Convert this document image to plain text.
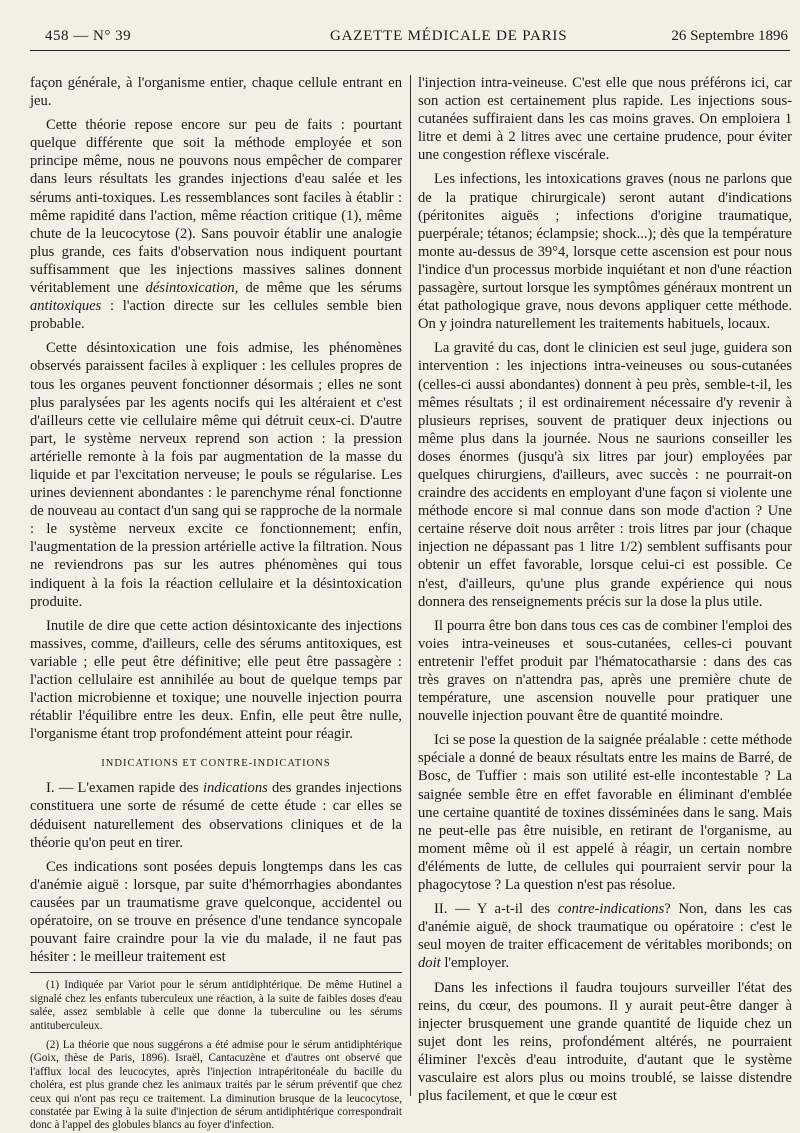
458 — N° 39	GAZETTE MÉDICALE DE PARIS	26 Septembre 1896

façon générale, à l'organisme entier, chaque cellule entrant en jeu.

Cette théorie repose encore sur peu de faits : pourtant quelque différente que soit la méthode employée et son principe même, nous ne pouvons nous empêcher de comparer dans leurs résultats les grandes injections d'eau salée et les sérums anti-toxiques. Les ressemblances sont faciles à établir : même rapidité dans l'action, même réaction critique (1), même chute de la leucocytose (2). Sans pouvoir établir une analogie plus grande, ces faits d'observation nous indiquent pourtant suffisamment que les injections massives salines donnent véritablement une désintoxication, de même que les sérums antitoxiques : l'action directe sur les cellules semble bien probable.

Cette désintoxication une fois admise, les phénomènes observés paraissent faciles à expliquer : les cellules propres de tous les organes peuvent fonctionner désormais ; elles ne sont plus paralysées par les agents nocifs qui les altéraient et c'est d'ailleurs cette vie cellulaire même qui détruit ceux-ci. D'autre part, le système nerveux reprend son action : la pression artérielle remonte à la fois par augmentation de la masse du liquide et par l'excitation nerveuse; le pouls se régularise. Les urines deviennent abondantes : le parenchyme rénal fonctionne de nouveau au contact d'un sang qui se rapproche de la normale : le système nerveux excite ce fonctionnement; enfin, l'augmentation de la pression artérielle active la filtration. Nous ne reviendrons pas sur les autres phénomènes qui tous indiquent à la fois la réaction cellulaire et la désintoxication produite.

Inutile de dire que cette action désintoxicante des injections massives, comme, d'ailleurs, celle des sérums antitoxiques, est variable ; elle peut être définitive; elle peut être passagère : l'action cellulaire est annihilée au bout de quelque temps par l'action microbienne et toxique; une nouvelle injection pourra rétablir l'équilibre entre les deux. Enfin, elle peut être nulle, l'organisme étant trop profondément atteint pour réagir.

INDICATIONS ET CONTRE-INDICATIONS

I. — L'examen rapide des indications des grandes injections constituera une sorte de résumé de cette étude : car elles se déduisent naturellement des observations cliniques et de la théorie qu'on peut en tirer.

Ces indications sont posées depuis longtemps dans les cas d'anémie aiguë : lorsque, par suite d'hémorrhagies abondantes causées par un traumatisme grave quelconque, accidentel ou opératoire, on se trouve en présence d'une tendance syncopale pouvant faire craindre pour la vie du malade, il ne faut pas hésiter : le meilleur traitement est

(1) Indiquée par Variot pour le sérum antidiphtérique. De même Hutinel a signalé chez les enfants tuberculeux une réaction, à la suite de faibles doses d'eau salée, assez semblable à celle que donne la tuberculine ou les sérums antituberculeux.

(2) La théorie que nous suggérons a été admise pour le sérum antidiphtérique (Goix, thèse de Paris, 1896). Israël, Cantacuzène et d'autres ont observé que l'afflux local des leucocytes, après l'injection intrapéritonéale du bacille du choléra, est plus grande chez les animaux traités par le sérum préventif que chez ceux qui n'ont pas reçu ce traitement. La diminution brusque de la leucocytose, constatée par Ewing à la suite d'injection de sérum antidiphtérique correspondrait donc à l'appel des globules blancs au foyer d'infection.

l'injection intra-veineuse. C'est elle que nous préférons ici, car son action est certainement plus rapide. Les injections sous-cutanées suffiraient dans les cas moins graves. On emploiera 1 litre et demi à 2 litres avec une certaine prudence, pour éviter une congestion réflexe viscérale.

Les infections, les intoxications graves (nous ne parlons que de la pratique chirurgicale) seront autant d'indications (péritonites aiguës ; infections d'origine traumatique, puerpérale; tétanos; éclampsie; shock...); dès que la température monte au-dessus de 39°4, lorsque cette ascension est pour nous l'indice d'un processus morbide inquiétant et non d'une réaction passagère, surtout lorsque les symptômes généraux montrent un état pathologique grave, nous devons appliquer cette méthode. On y joindra naturellement les traitements habituels, locaux.

La gravité du cas, dont le clinicien est seul juge, guidera son intervention : les injections intra-veineuses ou sous-cutanées (celles-ci aussi abondantes) donnent à peu près, semble-t-il, les mêmes résultats ; il est ordinairement nécessaire d'y revenir à plusieurs reprises, souvent de pratiquer deux injections ou même plus dans la journée. Nous ne saurions conseiller les doses énormes (jusqu'à six litres par jour) employées par quelques chirurgiens, d'ailleurs, avec succès : ne pourrait-on craindre des accidents en employant d'une façon si violente une méthode encore si mal connue dans son mode d'action ? Une certaine réserve doit nous arrêter : trois litres par jour (chaque injection ne dépassant pas 1 litre 1/2) semblent suffisants pour obtenir un effet favorable, lorsque celui-ci est possible. Ce n'est, d'ailleurs, qu'une plus grande expérience qui nous donnera des renseignements précis sur la dose la plus utile.

Il pourra être bon dans tous ces cas de combiner l'emploi des voies intra-veineuses et sous-cutanées, celles-ci pouvant entretenir l'effet produit par l'hématocatharsie : dans des cas très graves on n'attendra pas, après une première chute de température, une ascension nouvelle pour pratiquer une nouvelle injection pouvant être de quantité moindre.

Ici se pose la question de la saignée préalable : cette méthode spéciale a donné de beaux résultats entre les mains de Barré, de Bosc, de Tuffier : mais son utilité est-elle incontestable ? La saignée semble être en effet favorable en éliminant d'emblée une certaine quantité de toxines disséminées dans le sang. Mais ne peut-elle pas être nuisible, en retirant de l'organisme, au moment même où il est appelé à réagir, un certain nombre d'éléments de lutte, de cellules qui pourraient servir pour la phagocytose ? La question n'est pas résolue.

II. — Y a-t-il des contre-indications? Non, dans les cas d'anémie aiguë, de shock traumatique ou opératoire : c'est le seul moyen de traiter efficacement de véritables moribonds; on doit l'employer.

Dans les infections il faudra toujours surveiller l'état des reins, du cœur, des poumons. Il y aurait peut-être danger à injecter brusquement une grande quantité de liquide chez un sujet dont les reins, profondément altérés, ne pourraient éliminer l'excès d'eau introduite, d'autant que le système vasculaire est alors plus ou moins troublé, se laisse distendre plus facilement, et que le cœur est
